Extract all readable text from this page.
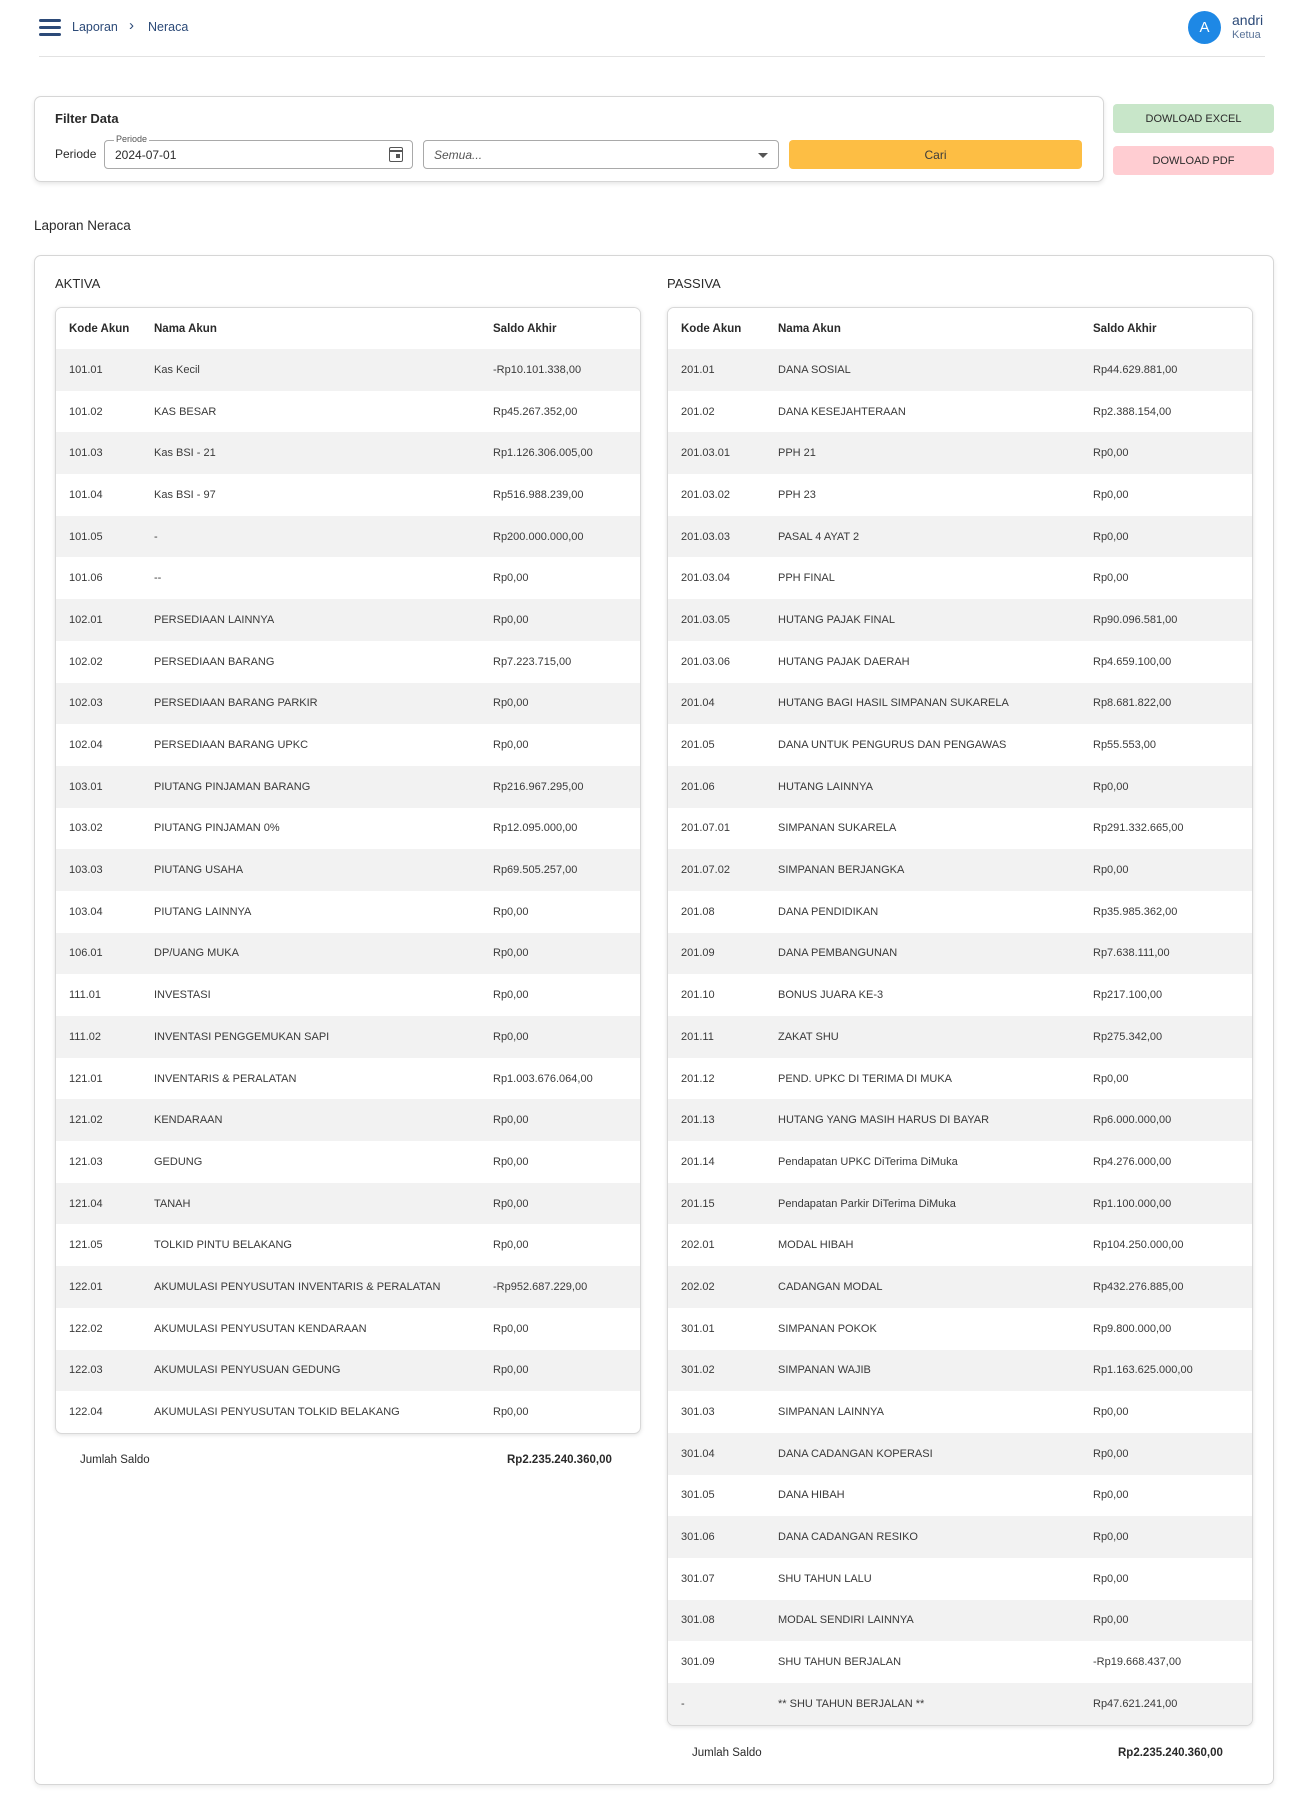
Laporan › Neraca	A	andri
Ketua
Filter Data
Periode
Periode
2024-07-01	Semua...	Cari
DOWLOAD EXCEL
DOWLOAD PDF
Laporan Neraca
AKTIVA
Kode Akun	Nama Akun	Saldo Akhir
101.01	Kas Kecil	-Rp10.101.338,00
101.02	KAS BESAR	Rp45.267.352,00
101.03	Kas BSI - 21	Rp1.126.306.005,00
101.04	Kas BSI - 97	Rp516.988.239,00
101.05	-	Rp200.000.000,00
101.06	--	Rp0,00
102.01	PERSEDIAAN LAINNYA	Rp0,00
102.02	PERSEDIAAN BARANG	Rp7.223.715,00
102.03	PERSEDIAAN BARANG PARKIR	Rp0,00
102.04	PERSEDIAAN BARANG UPKC	Rp0,00
103.01	PIUTANG PINJAMAN BARANG	Rp216.967.295,00
103.02	PIUTANG PINJAMAN 0%	Rp12.095.000,00
103.03	PIUTANG USAHA	Rp69.505.257,00
103.04	PIUTANG LAINNYA	Rp0,00
106.01	DP/UANG MUKA	Rp0,00
111.01	INVESTASI	Rp0,00
111.02	INVENTASI PENGGEMUKAN SAPI	Rp0,00
121.01	INVENTARIS & PERALATAN	Rp1.003.676.064,00
121.02	KENDARAAN	Rp0,00
121.03	GEDUNG	Rp0,00
121.04	TANAH	Rp0,00
121.05	TOLKID PINTU BELAKANG	Rp0,00
122.01	AKUMULASI PENYUSUTAN INVENTARIS & PERALATAN	-Rp952.687.229,00
122.02	AKUMULASI PENYUSUTAN KENDARAAN	Rp0,00
122.03	AKUMULASI PENYUSUAN GEDUNG	Rp0,00
122.04	AKUMULASI PENYUSUTAN TOLKID BELAKANG	Rp0,00
Jumlah Saldo	Rp2.235.240.360,00
PASSIVA
Kode Akun	Nama Akun	Saldo Akhir
201.01	DANA SOSIAL	Rp44.629.881,00
201.02	DANA KESEJAHTERAAN	Rp2.388.154,00
201.03.01	PPH 21	Rp0,00
201.03.02	PPH 23	Rp0,00
201.03.03	PASAL 4 AYAT 2	Rp0,00
201.03.04	PPH FINAL	Rp0,00
201.03.05	HUTANG PAJAK FINAL	Rp90.096.581,00
201.03.06	HUTANG PAJAK DAERAH	Rp4.659.100,00
201.04	HUTANG BAGI HASIL SIMPANAN SUKARELA	Rp8.681.822,00
201.05	DANA UNTUK PENGURUS DAN PENGAWAS	Rp55.553,00
201.06	HUTANG LAINNYA	Rp0,00
201.07.01	SIMPANAN SUKARELA	Rp291.332.665,00
201.07.02	SIMPANAN BERJANGKA	Rp0,00
201.08	DANA PENDIDIKAN	Rp35.985.362,00
201.09	DANA PEMBANGUNAN	Rp7.638.111,00
201.10	BONUS JUARA KE-3	Rp217.100,00
201.11	ZAKAT SHU	Rp275.342,00
201.12	PEND. UPKC DI TERIMA DI MUKA	Rp0,00
201.13	HUTANG YANG MASIH HARUS DI BAYAR	Rp6.000.000,00
201.14	Pendapatan UPKC DiTerima DiMuka	Rp4.276.000,00
201.15	Pendapatan Parkir DiTerima DiMuka	Rp1.100.000,00
202.01	MODAL HIBAH	Rp104.250.000,00
202.02	CADANGAN MODAL	Rp432.276.885,00
301.01	SIMPANAN POKOK	Rp9.800.000,00
301.02	SIMPANAN WAJIB	Rp1.163.625.000,00
301.03	SIMPANAN LAINNYA	Rp0,00
301.04	DANA CADANGAN KOPERASI	Rp0,00
301.05	DANA HIBAH	Rp0,00
301.06	DANA CADANGAN RESIKO	Rp0,00
301.07	SHU TAHUN LALU	Rp0,00
301.08	MODAL SENDIRI LAINNYA	Rp0,00
301.09	SHU TAHUN BERJALAN	-Rp19.668.437,00
-	** SHU TAHUN BERJALAN **	Rp47.621.241,00
Jumlah Saldo	Rp2.235.240.360,00
